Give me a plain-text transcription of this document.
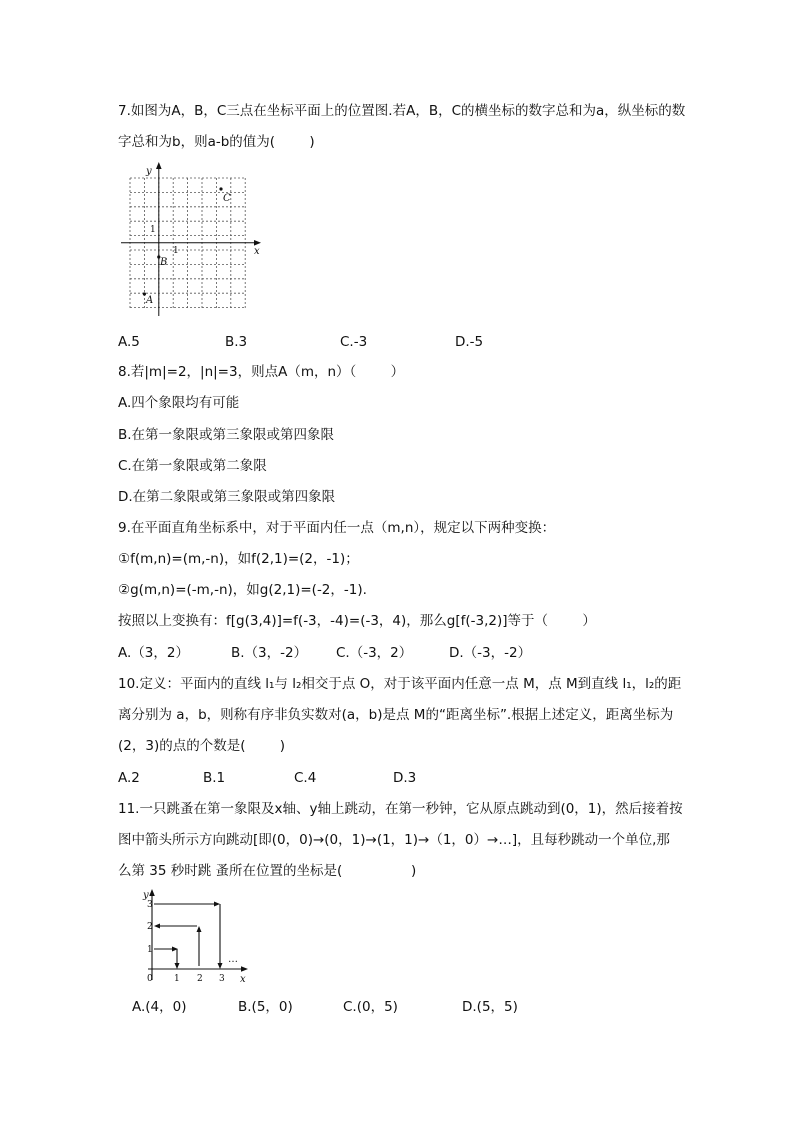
7.如图为A，B，C三点在坐标平面上的位置图.若A，B，C的横坐标的数字总和为a，纵坐标的数
字总和为b，则a-b的值为(        )
x
y
1
1
C
B
A

A.5

	B.3

	C.-3

	D.-5

8.若|m|=2，|n|=3，则点A（m，n）（        ）
A.四个象限均有可能
B.在第一象限或第三象限或第四象限
C.在第一象限或第二象限
D.在第二象限或第三象限或第四象限
9.在平面直角坐标系中，对于平面内任一点（m,n），规定以下两种变换：
①f(m,n)=(m,-n)，如f(2,1)=(2，-1)；
②g(m,n)=(-m,-n)，如g(2,1)=(-2，-1).
按照以上变换有：f[g(3,4)]=f(-3，-4)=(-3，4)，那么g[f(-3,2)]等于（        ）

A.（3，2）

	B.（3，-2）

C.（-3，2）

	D.（-3，-2）

10.定义：平面内的直线 l₁与 l₂相交于点 O，对于该平面内任意一点 M，点 M到直线 l₁，l₂的距
离分别为 a，b，则称有序非负实数对(a，b)是点 M的“距离坐标”.根据上述定义，距离坐标为
(2，3)的点的个数是(        )

A.2

	B.1

	C.4

	D.3

11.一只跳蚤在第一象限及x轴、y轴上跳动，在第一秒钟，它从原点跳动到(0，1)，然后接着按
图中箭头所示方向跳动[即(0，0)→(0，1)→(1，1)→（1，0）→…]，且每秒跳动一个单位,那
么第 35 秒时跳 蚤所在位置的坐标是(                )
y
x
0 1 2 3
1
2
3
…

A.(4，0)

	B.(5，0)

	C.(0，5)

	D.(5，5)
